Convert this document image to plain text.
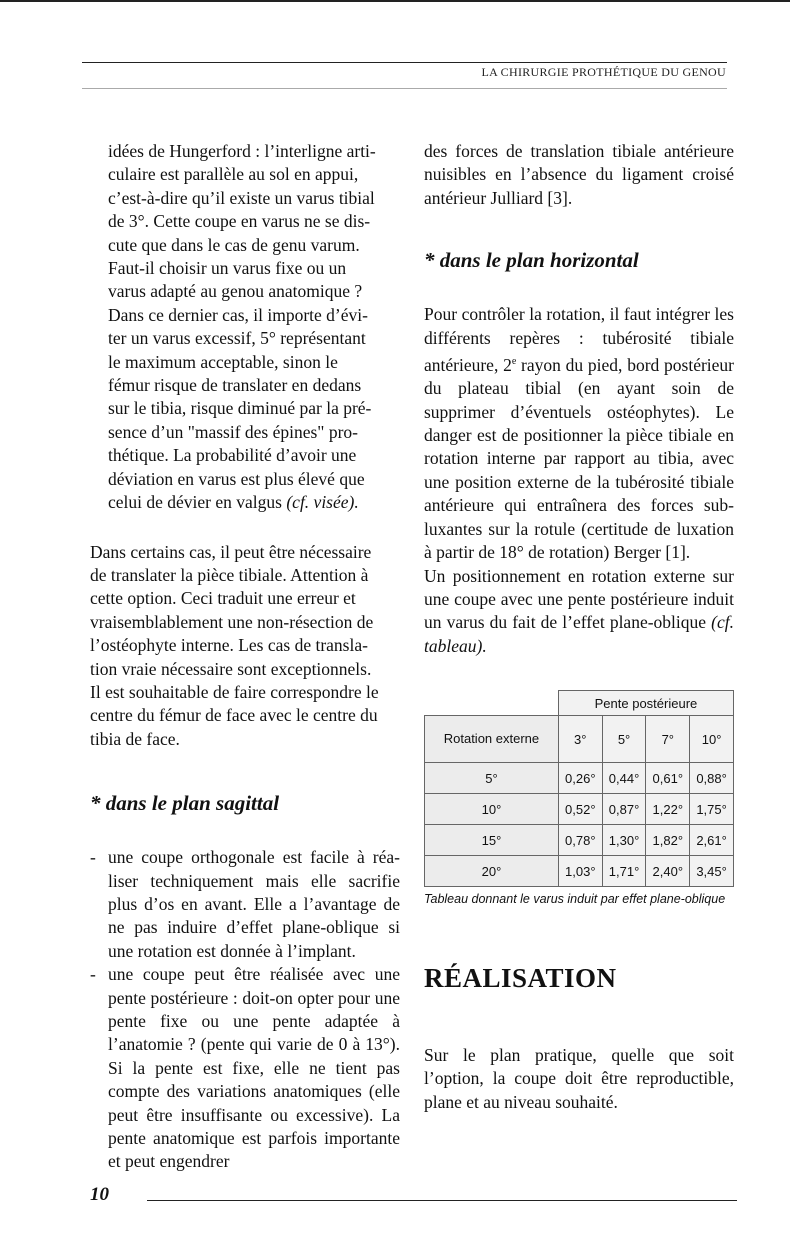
LA CHIRURGIE PROTHÉTIQUE DU GENOU
idées de Hungerford : l’interligne arti-
culaire est parallèle au sol en appui,
c’est-à-dire qu’il existe un varus tibial
de 3°. Cette coupe en varus ne se dis-
cute que dans le cas de genu varum.
Faut-il choisir un varus fixe ou un
varus adapté au genou anatomique ?
Dans ce dernier cas, il importe d’évi-
ter un varus excessif, 5° représentant
le maximum acceptable, sinon le
fémur risque de translater en dedans
sur le tibia, risque diminué par la pré-
sence d’un "massif des épines" pro-
thétique. La probabilité d’avoir une
déviation en varus est plus élevé que
celui de dévier en valgus (cf. visée).
Dans certains cas, il peut être nécessaire
de translater la pièce tibiale. Attention à
cette option. Ceci traduit une erreur et
vraisemblablement une non-résection de
l’ostéophyte interne. Les cas de transla-
tion vraie nécessaire sont exceptionnels.
Il est souhaitable de faire correspondre le
centre du fémur de face avec le centre du
tibia de face.
* dans le plan sagittal
- une coupe orthogonale est facile à réaliser techniquement mais elle sacrifie plus d’os en avant. Elle a l’avantage de ne pas induire d’effet plane-oblique si une rotation est donnée à l’implant.
- une coupe peut être réalisée avec une pente postérieure : doit-on opter pour une pente fixe ou une pente adaptée à l’anatomie ? (pente qui varie de 0 à 13°). Si la pente est fixe, elle ne tient pas compte des variations anatomiques (elle peut être insuffisante ou excessive). La pente anatomique est parfois importante et peut engendrer

des forces de translation tibiale antérieure nuisibles en l’absence du ligament croisé antérieur Julliard [3].

* dans le plan horizontal

Pour contrôler la rotation, il faut intégrer les différents repères : tubérosité tibiale antérieure, 2e rayon du pied, bord postérieur du plateau tibial (en ayant soin de supprimer d’éventuels ostéophytes). Le danger est de positionner la pièce tibiale en rotation interne par rapport au tibia, avec une position externe de la tubérosité tibiale antérieure qui entraînera des forces sub-luxantes sur la rotule (certitude de luxation à partir de 18° de rotation) Berger [1].

Un positionnement en rotation externe sur une coupe avec une pente postérieure induit un varus du fait de l’effet plane-oblique (cf. tableau).

	Pente postérieure			
Rotation externe	3°	5°	7°	10°
5°	0,26°	0,44°	0,61°	0,88°
10°	0,52°	0,87°	1,22°	1,75°
15°	0,78°	1,30°	1,82°	2,61°
20°	1,03°	1,71°	2,40°	3,45°
Tableau donnant le varus induit par effet plane-oblique
RÉALISATION

Sur le plan pratique, quelle que soit l’option, la coupe doit être reproductible, plane et au niveau souhaité.

10
